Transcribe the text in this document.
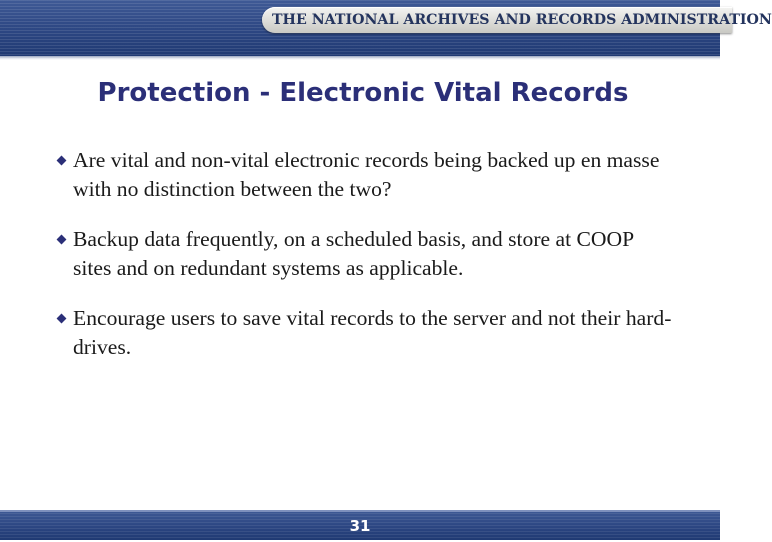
THE NATIONAL ARCHIVES AND RECORDS ADMINISTRATION
Protection - Electronic Vital Records
Are vital and non-vital electronic records being backed up en masse with no distinction between the two?
Backup data frequently, on a scheduled basis, and store at COOP sites and on redundant systems as applicable.
Encourage users to save vital records to the server and not their hard-drives.
31
